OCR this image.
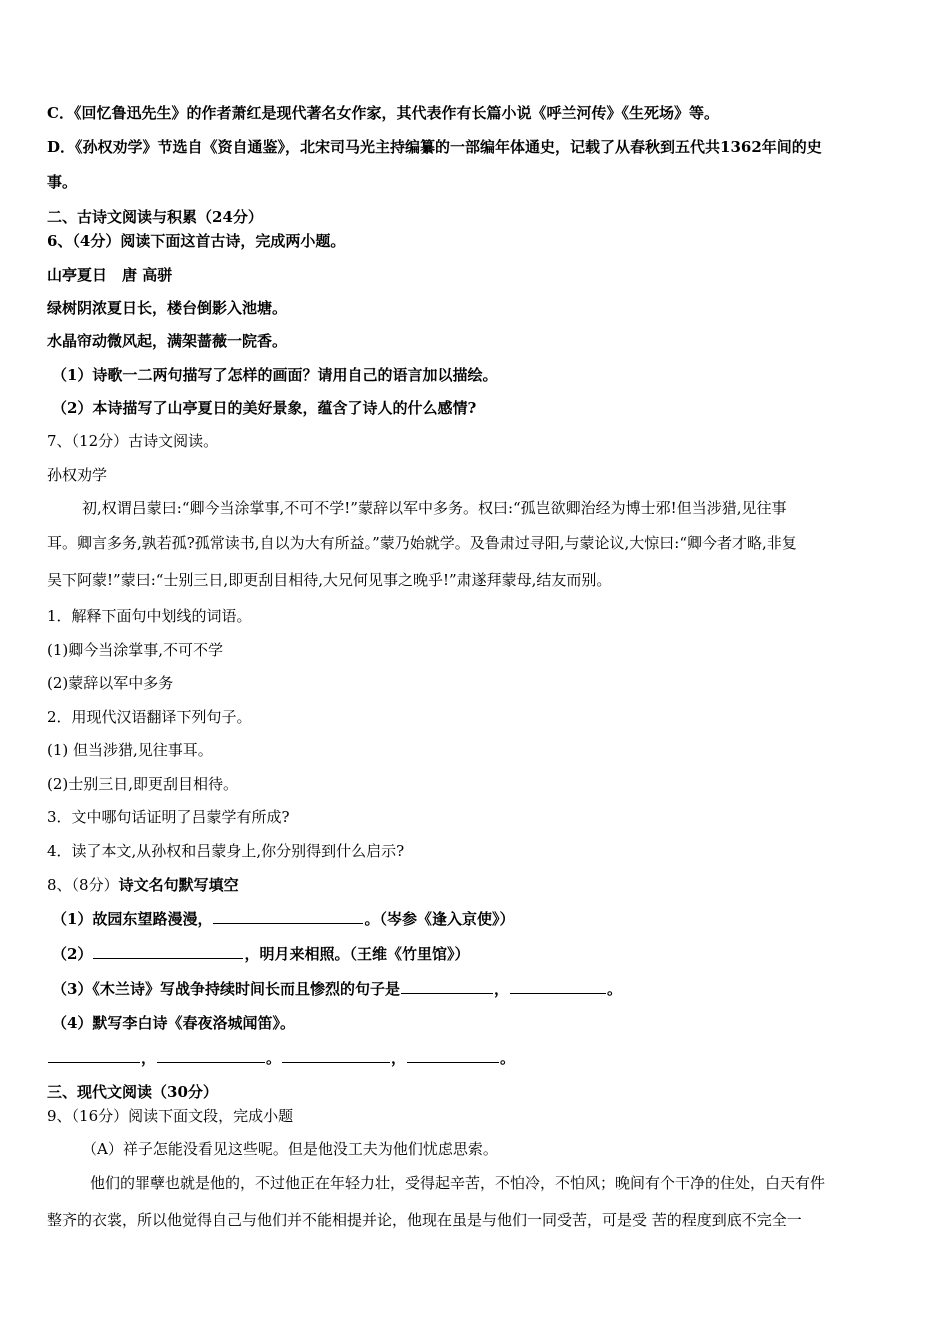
C．《回忆鲁迅先生》的作者萧红是现代著名女作家，其代表作有长篇小说《呼兰河传》《生死场》等。
D．《孙权劝学》节选自《资自通鉴》，北宋司马光主持编纂的一部编年体通史，记载了从春秋到五代共1362年间的史
事。
二、古诗文阅读与积累（24分）
6、（4分）阅读下面这首古诗，完成两小题。
山亭夏日　唐 高骈
绿树阴浓夏日长，楼台倒影入池塘。
水晶帘动微风起，满架蔷薇一院香。
（1）诗歌一二两句描写了怎样的画面？请用自己的语言加以描绘。
（2）本诗描写了山亭夏日的美好景象，蕴含了诗人的什么感情?
7、（12分）古诗文阅读。
孙权劝学
初,权谓吕蒙曰:“卿今当涂掌事,不可不学!”蒙辞以军中多务。权曰:“孤岂欲卿治经为博士邪!但当涉猎,见往事
耳。卿言多务,孰若孤?孤常读书,自以为大有所益。”蒙乃始就学。及鲁肃过寻阳,与蒙论议,大惊曰:“卿今者才略,非复
吴下阿蒙!”蒙曰:“士别三日,即更刮目相待,大兄何见事之晚乎!”肃遂拜蒙母,结友而别。
1．解释下面句中划线的词语。
(1)卿今当涂掌事,不可不学
(2)蒙辞以军中多务
2．用现代汉语翻译下列句子。
(1) 但当涉猎,见往事耳。
(2)士别三日,即更刮目相待。
3．文中哪句话证明了吕蒙学有所成?
4．读了本文,从孙权和吕蒙身上,你分别得到什么启示?
8、（8分）诗文名句默写填空
（1）故园东望路漫漫，	。（岑参《逢入京使》）
（2）	，明月来相照。（王维《竹里馆》）
（3）《木兰诗》写战争持续时间长而且惨烈的句子是	，	。
（4）默写李白诗《春夜洛城闻笛》。
，	。	，	。
三、现代文阅读（30分）
9、（16分）阅读下面文段，完成小题
（A）祥子怎能没看见这些呢。但是他没工夫为他们忧虑思索。
他们的罪孽也就是他的，不过他正在年轻力壮，受得起辛苦，不怕冷，不怕风；晚间有个干净的住处，白天有件
整齐的衣裳，所以他觉得自己与他们并不能相提并论，他现在虽是与他们一同受苦，可是受 苦的程度到底不完全一
